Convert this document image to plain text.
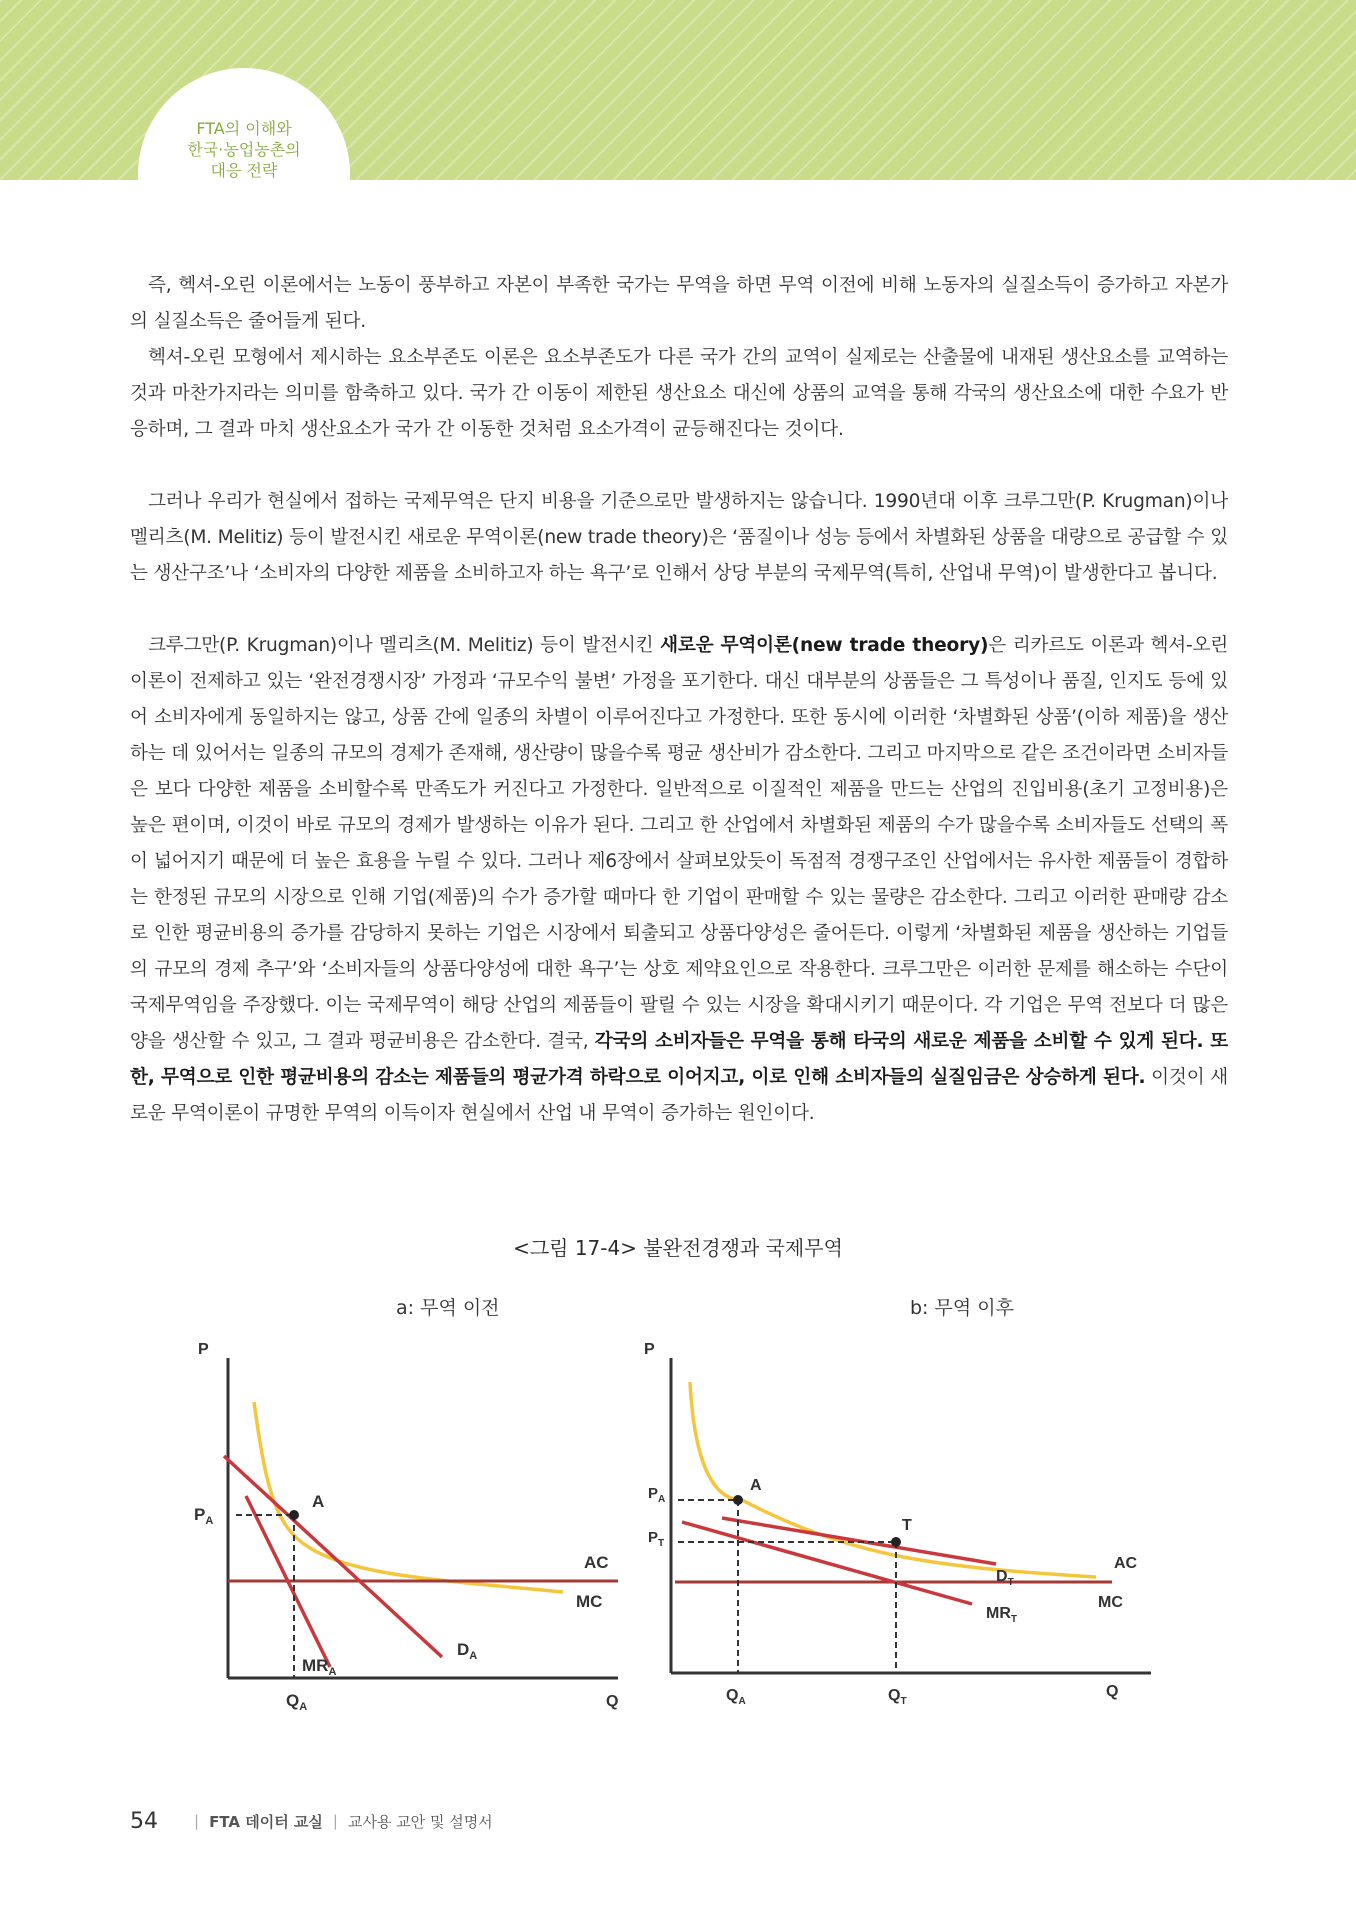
FTA의 이해와
한국·농업농촌의
대응 전략

즉, 헥셔-오린 이론에서는 노동이 풍부하고 자본이 부족한 국가는 무역을 하면 무역 이전에 비해 노동자의 실질소득이 증가하고 자본가의 실질소득은 줄어들게 된다.

헥셔-오린 모형에서 제시하는 요소부존도 이론은 요소부존도가 다른 국가 간의 교역이 실제로는 산출물에 내재된 생산요소를 교역하는 것과 마찬가지라는 의미를 함축하고 있다. 국가 간 이동이 제한된 생산요소 대신에 상품의 교역을 통해 각국의 생산요소에 대한 수요가 반응하며, 그 결과 마치 생산요소가 국가 간 이동한 것처럼 요소가격이 균등해진다는 것이다.

그러나 우리가 현실에서 접하는 국제무역은 단지 비용을 기준으로만 발생하지는 않습니다. 1990년대 이후 크루그만(P. Krugman)이나 멜리츠(M. Melitiz) 등이 발전시킨 새로운 무역이론(new trade theory)은 ‘품질이나 성능 등에서 차별화된 상품을 대량으로 공급할 수 있는 생산구조’나 ‘소비자의 다양한 제품을 소비하고자 하는 욕구’로 인해서 상당 부분의 국제무역(특히, 산업내 무역)이 발생한다고 봅니다.

크루그만(P. Krugman)이나 멜리츠(M. Melitiz) 등이 발전시킨 새로운 무역이론(new trade theory)은 리카르도 이론과 헥셔-오린 이론이 전제하고 있는 ‘완전경쟁시장’ 가정과 ‘규모수익 불변’ 가정을 포기한다. 대신 대부분의 상품들은 그 특성이나 품질, 인지도 등에 있어 소비자에게 동일하지는 않고, 상품 간에 일종의 차별이 이루어진다고 가정한다. 또한 동시에 이러한 ‘차별화된 상품’(이하 제품)을 생산하는 데 있어서는 일종의 규모의 경제가 존재해, 생산량이 많을수록 평균 생산비가 감소한다. 그리고 마지막으로 같은 조건이라면 소비자들은 보다 다양한 제품을 소비할수록 만족도가 커진다고 가정한다. 일반적으로 이질적인 제품을 만드는 산업의 진입비용(초기 고정비용)은 높은 편이며, 이것이 바로 규모의 경제가 발생하는 이유가 된다. 그리고 한 산업에서 차별화된 제품의 수가 많을수록 소비자들도 선택의 폭이 넓어지기 때문에 더 높은 효용을 누릴 수 있다. 그러나 제6장에서 살펴보았듯이 독점적 경쟁구조인 산업에서는 유사한 제품들이 경합하는 한정된 규모의 시장으로 인해 기업(제품)의 수가 증가할 때마다 한 기업이 판매할 수 있는 물량은 감소한다. 그리고 이러한 판매량 감소로 인한 평균비용의 증가를 감당하지 못하는 기업은 시장에서 퇴출되고 상품다양성은 줄어든다. 이렇게 ‘차별화된 제품을 생산하는 기업들의 규모의 경제 추구’와 ‘소비자들의 상품다양성에 대한 욕구’는 상호 제약요인으로 작용한다. 크루그만은 이러한 문제를 해소하는 수단이 국제무역임을 주장했다. 이는 국제무역이 해당 산업의 제품들이 팔릴 수 있는 시장을 확대시키기 때문이다. 각 기업은 무역 전보다 더 많은 양을 생산할 수 있고, 그 결과 평균비용은 감소한다. 결국, 각국의 소비자들은 무역을 통해 타국의 새로운 제품을 소비할 수 있게 된다. 또한, 무역으로 인한 평균비용의 감소는 제품들의 평균가격 하락으로 이어지고, 이로 인해 소비자들의 실질임금은 상승하게 된다. 이것이 새로운 무역이론이 규명한 무역의 이득이자 현실에서 산업 내 무역이 증가하는 원인이다.

<그림 17-4> 불완전경쟁과 국제무역
a: 무역 이전	b: 무역 이후
P
Q
A
$P_A$
$Q_A$
AC
MC
$D_A$
$MR_A$
P
Q
A
T
$P_A$
$P_T$
$Q_A$	$Q_T$
AC
MC
$D_T$
$MR_T$
54 | FTA 데이터 교실 | 교사용 교안 및 설명서
